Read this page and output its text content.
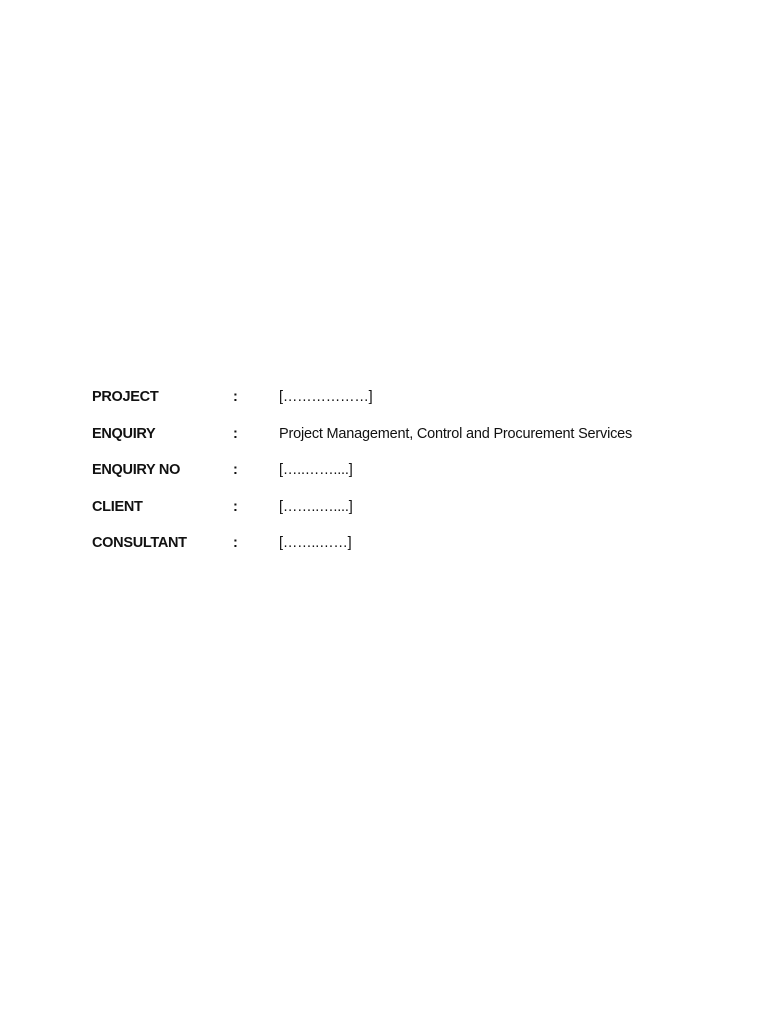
PROJECT	:	[………………]
ENQUIRY	:	Project Management, Control and Procurement Services
ENQUIRY NO	:	[…..……....]
CLIENT	:	[……..…....]
CONSULTANT	:	[……..……]
